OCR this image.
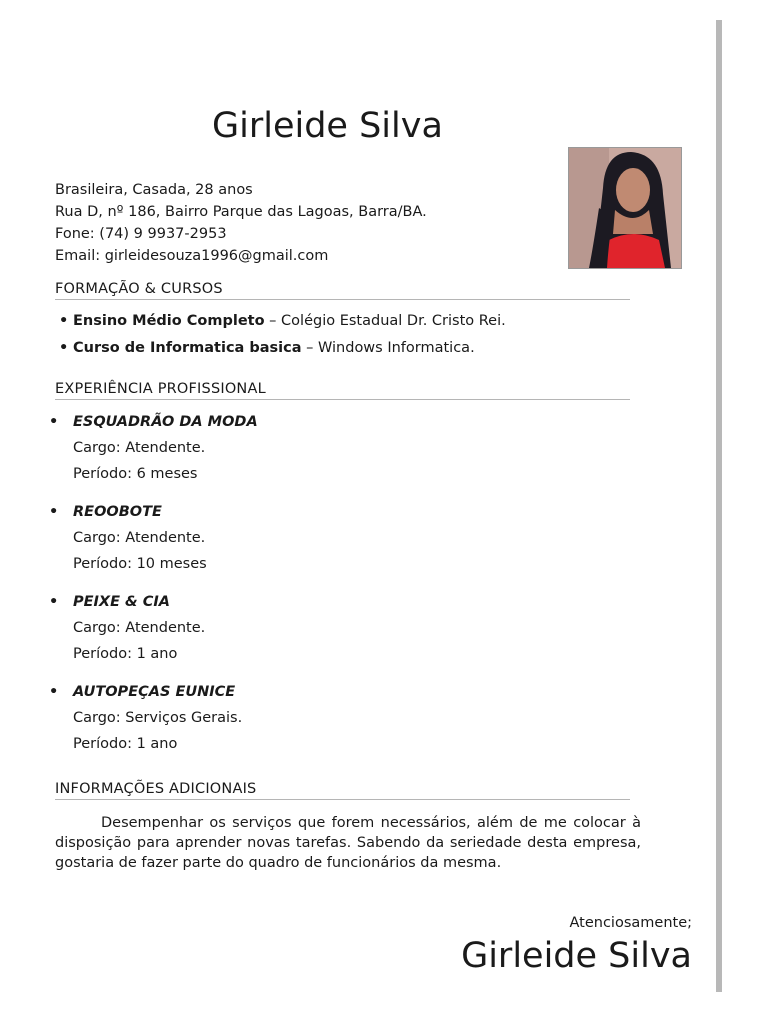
Girleide Silva
Brasileira, Casada, 28 anos
Rua D, nº 186, Bairro Parque das Lagoas, Barra/BA.
Fone: (74) 9 9937-2953
Email: girleidesouza1996@gmail.com
FORMAÇÃO & CURSOS
• Ensino Médio Completo – Colégio Estadual Dr. Cristo Rei.
• Curso de Informatica basica – Windows Informatica.
EXPERIÊNCIA PROFISSIONAL
• ESQUADRÃO DA MODA
Cargo: Atendente.
Período: 6 meses
• REOOBOTE
Cargo: Atendente.
Período: 10 meses
• PEIXE & CIA
Cargo: Atendente.
Período: 1 ano
• AUTOPEÇAS EUNICE
Cargo: Serviços Gerais.
Período: 1 ano
INFORMAÇÕES ADICIONAIS
Desempenhar os serviços que forem necessários, além de me colocar à disposição para aprender novas tarefas. Sabendo da seriedade desta empresa, gostaria de fazer parte do quadro de funcionários da mesma.
Atenciosamente;
Girleide Silva
